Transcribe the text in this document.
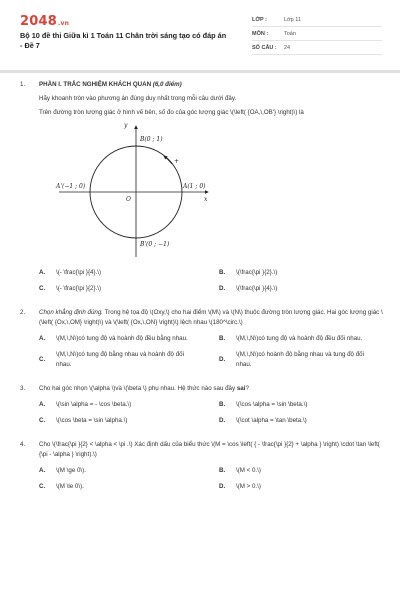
2048.vn
Bộ 10 đề thi Giữa kì 1 Toán 11 Chân trời sáng tạo có đáp án - Đề 7
LỚP :	Lớp 11
MÔN :	Toán
SỐ CÂU :	24
1.	PHẦN I. TRẮC NGHIỆM KHÁCH QUAN (6,0 điểm)
Hãy khoanh tròn vào phương án đúng duy nhất trong mỗi câu dưới đây.
Trên đường tròn lượng giác ở hình vẽ bên, số đo của góc lượng giác \(\left( {OA,\,OB'} \right)\) là
y
x
O
B(0 ; 1)
A(1 ; 0)
A'(−1 ; 0)
B'(0 ; −1)
+
A.	\(- \frac{\pi }{4}.\)	B.	\(\frac{\pi }{2}.\)
C.	\(- \frac{\pi }{2}.\)	D.	\(\frac{\pi }{4}.\)
2.	Chọn khẳng định đúng. Trong hệ tọa độ \(Oxy,\) cho hai điểm \(M\) và \(N\) thuộc đường tròn lượng giác. Hai góc lượng giác \(\left( {Ox,\,OM} \right)\) và \(\left( {Ox,\,ON} \right)\) lệch nhau \(180^\circ.\)
A.	\(M,\,N\)có tung độ và hoành độ đều bằng nhau.	B.	\(M,\,N\)có tung độ và hoành độ đều đối nhau.
C.
\(M,\,N\)có tung độ bằng nhau và hoành độ đối nhau.
D.
\(M,\,N\)có hoành độ bằng nhau và tung độ đối nhau.
3.	Cho hai góc nhọn \(\alpha \)và \(\beta \) phụ nhau. Hệ thức nào sau đây sai?
A.	\(\sin \alpha = - \cos \beta.\)	B.	\(\cos \alpha = \sin \beta.\)
C.	\(\cos \beta = \sin \alpha.\)	D.	\(\cot \alpha = \tan \beta.\)
4.	Cho \(\frac{\pi }{2} < \alpha < \pi .\) Xác định dấu của biểu thức \(M = \cos \left( { - \frac{\pi }{2} + \alpha } \right) \cdot \tan \left( {\pi - \alpha } \right).\)
A.	\(M \ge 0\).	B.	\(M < 0.\)
C.	\(M \le 0\).	D.	\(M > 0.\)
